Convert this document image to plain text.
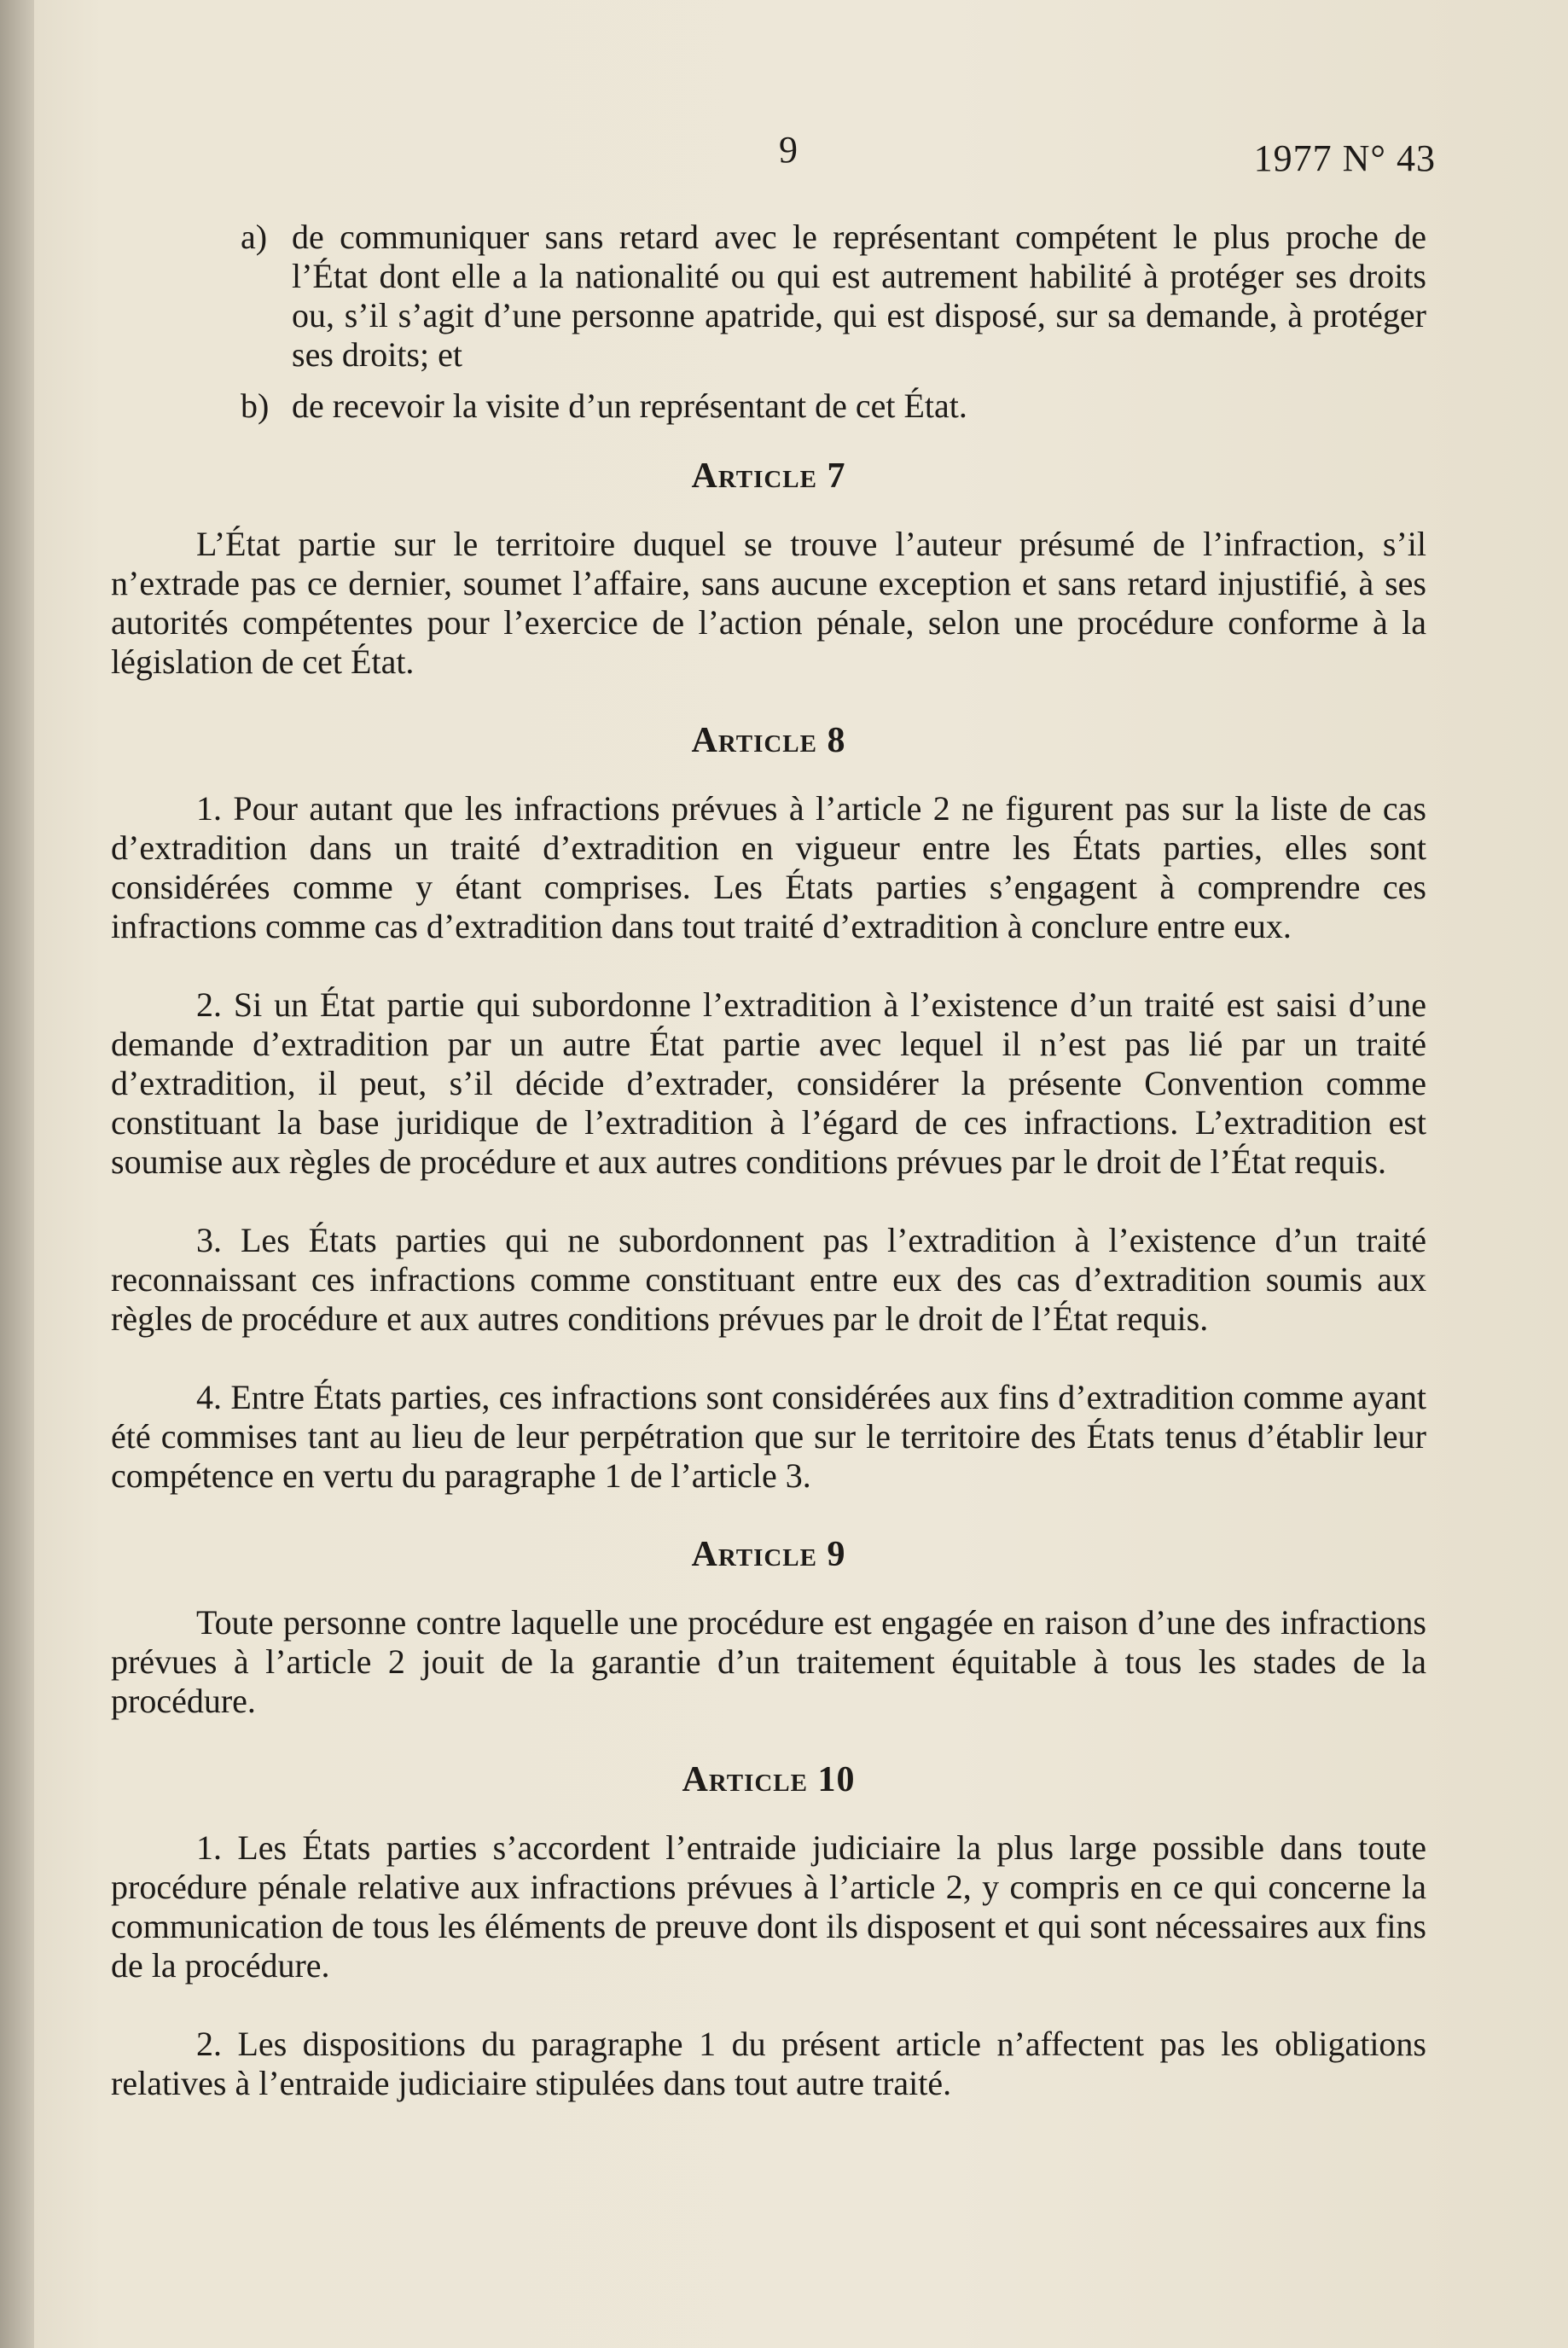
9	1977 N° 43

a) de communiquer sans retard avec le représentant compétent le plus proche de l’État dont elle a la nationalité ou qui est autrement habilité à protéger ses droits ou, s’il s’agit d’une personne apatride, qui est disposé, sur sa demande, à protéger ses droits; et
b) de recevoir la visite d’un représentant de cet État.
Article 7

L’État partie sur le territoire duquel se trouve l’auteur présumé de l’infraction, s’il n’extrade pas ce dernier, soumet l’affaire, sans aucune exception et sans retard injustifié, à ses autorités compétentes pour l’exercice de l’action pénale, selon une procédure conforme à la législation de cet État.

Article 8

1. Pour autant que les infractions prévues à l’article 2 ne figurent pas sur la liste de cas d’extradition dans un traité d’extradition en vigueur entre les États parties, elles sont considérées comme y étant comprises. Les États parties s’engagent à comprendre ces infractions comme cas d’extradition dans tout traité d’extradition à conclure entre eux.

2. Si un État partie qui subordonne l’extradition à l’existence d’un traité est saisi d’une demande d’extradition par un autre État partie avec lequel il n’est pas lié par un traité d’extradition, il peut, s’il décide d’extrader, considérer la présente Convention comme constituant la base juridique de l’extradition à l’égard de ces infractions. L’extradition est soumise aux règles de procédure et aux autres conditions prévues par le droit de l’État requis.

3. Les États parties qui ne subordonnent pas l’extradition à l’existence d’un traité reconnaissant ces infractions comme constituant entre eux des cas d’extradition soumis aux règles de procédure et aux autres conditions prévues par le droit de l’État requis.

4. Entre États parties, ces infractions sont considérées aux fins d’extradition comme ayant été commises tant au lieu de leur perpétration que sur le territoire des États tenus d’établir leur compétence en vertu du paragraphe 1 de l’article 3.

Article 9

Toute personne contre laquelle une procédure est engagée en raison d’une des infractions prévues à l’article 2 jouit de la garantie d’un traitement équitable à tous les stades de la procédure.

Article 10

1. Les États parties s’accordent l’entraide judiciaire la plus large possible dans toute procédure pénale relative aux infractions prévues à l’article 2, y compris en ce qui concerne la communication de tous les éléments de preuve dont ils disposent et qui sont nécessaires aux fins de la procédure.

2. Les dispositions du paragraphe 1 du présent article n’affectent pas les obligations relatives à l’entraide judiciaire stipulées dans tout autre traité.
